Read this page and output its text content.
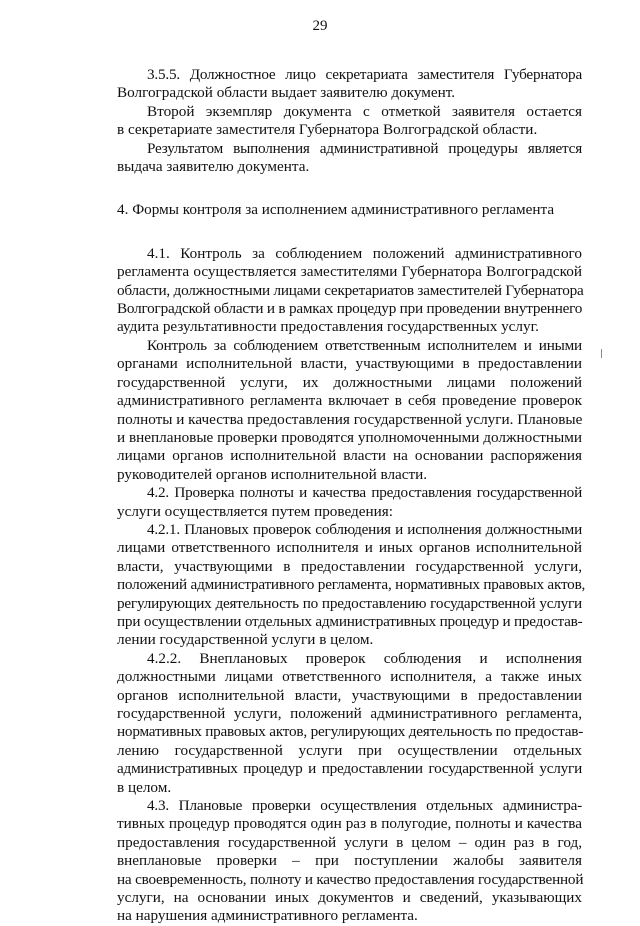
29
3.5.5. Должностное лицо секретариата заместителя Губернатора
Волгоградской области выдает заявителю документ.
Второй экземпляр документа с отметкой заявителя остается
в секретариате заместителя Губернатора Волгоградской области.
Результатом выполнения административной процедуры является
выдача заявителю документа.
4. Формы контроля за исполнением административного регламента
4.1. Контроль за соблюдением положений административного
регламента осуществляется заместителями Губернатора Волгоградской
области, должностными лицами секретариатов заместителей Губернатора
Волгоградской области и в рамках процедур при проведении внутреннего
аудита результативности предоставления государственных услуг.
Контроль за соблюдением ответственным исполнителем и иными
органами исполнительной власти, участвующими в предоставлении
государственной услуги, их должностными лицами положений
административного регламента включает в себя проведение проверок
полноты и качества предоставления государственной услуги. Плановые
и внеплановые проверки проводятся уполномоченными должностными
лицами органов исполнительной власти на основании распоряжения
руководителей органов исполнительной власти.
4.2. Проверка полноты и качества предоставления государственной
услуги осуществляется путем проведения:
4.2.1. Плановых проверок соблюдения и исполнения должностными
лицами ответственного исполнителя и иных органов исполнительной
власти, участвующими в предоставлении государственной услуги,
положений административного регламента, нормативных правовых актов,
регулирующих деятельность по предоставлению государственной услуги
при осуществлении отдельных административных процедур и предостав-
лении государственной услуги в целом.
4.2.2. Внеплановых проверок соблюдения и исполнения
должностными лицами ответственного исполнителя, а также иных
органов исполнительной власти, участвующими в предоставлении
государственной услуги, положений административного регламента,
нормативных правовых актов, регулирующих деятельность по предостав-
лению государственной услуги при осуществлении отдельных
административных процедур и предоставлении государственной услуги
в целом.
4.3. Плановые проверки осуществления отдельных администра-
тивных процедур проводятся один раз в полугодие, полноты и качества
предоставления государственной услуги в целом – один раз в год,
внеплановые проверки – при поступлении жалобы заявителя
на своевременность, полноту и качество предоставления государственной
услуги, на основании иных документов и сведений, указывающих
на нарушения административного регламента.
